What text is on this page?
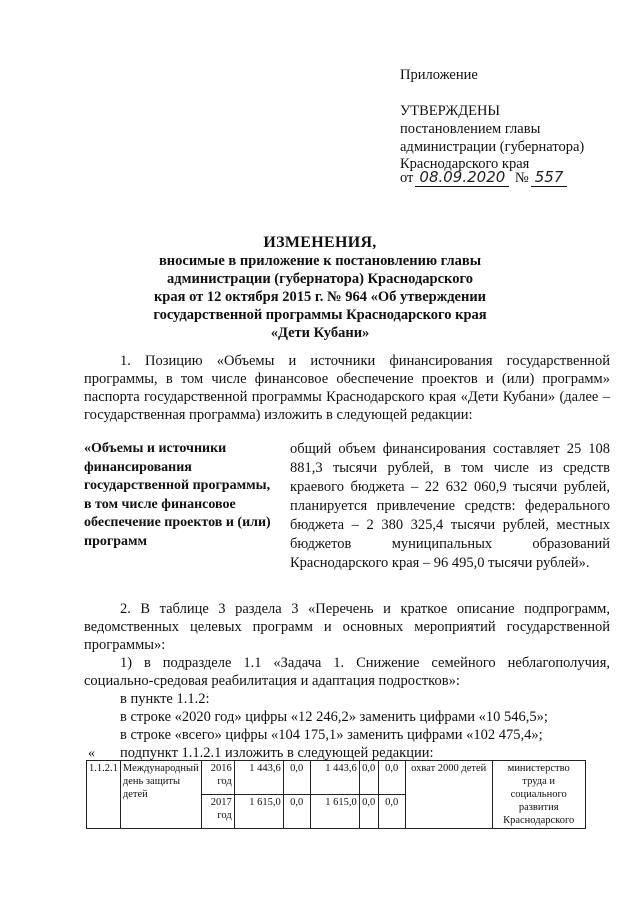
Приложение
УТВЕРЖДЕНЫ
постановлением главы
администрации (губернатора)
Краснодарского края
от 08.09.2020 № 557
ИЗМЕНЕНИЯ,
вносимые в приложение к постановлению главы
администрации (губернатора) Краснодарского
края от 12 октября 2015 г. № 964 «Об утверждении
государственной программы Краснодарского края
«Дети Кубани»
1. Позицию «Объемы и источники финансирования государственной программы, в том числе финансовое обеспечение проектов и (или) программ» паспорта государственной программы Краснодарского края «Дети Кубани» (далее – государственная программа) изложить в следующей редакции:
«Объемы и источники финансирования государственной программы, в том числе финансовое обеспечение проектов и (или) программ
общий объем финансирования составляет 25 108 881,3 тысячи рублей, в том числе из средств краевого бюджета – 22 632 060,9 тысячи рублей, планируется привлечение средств: федерального бюджета – 2 380 325,4 тысячи рублей, местных бюджетов муниципальных образований Краснодарского края – 96 495,0 тысячи рублей».
2. В таблице 3 раздела 3 «Перечень и краткое описание подпрограмм, ведомственных целевых программ и основных мероприятий государственной программы»:
1) в подразделе 1.1 «Задача 1. Снижение семейного неблагополучия, социально-средовая реабилитация и адаптация подростков»:
в пункте 1.1.2:
в строке «2020 год» цифры «12 246,2» заменить цифрами «10 546,5»;
в строке «всего» цифры «104 175,1» заменить цифрами «102 475,4»;
подпункт 1.1.2.1 изложить в следующей редакции:
«
1.1.2.1	Международный день защиты детей	2016 год	1 443,6	0,0	1 443,6	0,0	0,0	охват 2000 детей	министерство труда и социального развития Краснодарского
		2017 год	1 615,0	0,0	1 615,0	0,0	0,0		
